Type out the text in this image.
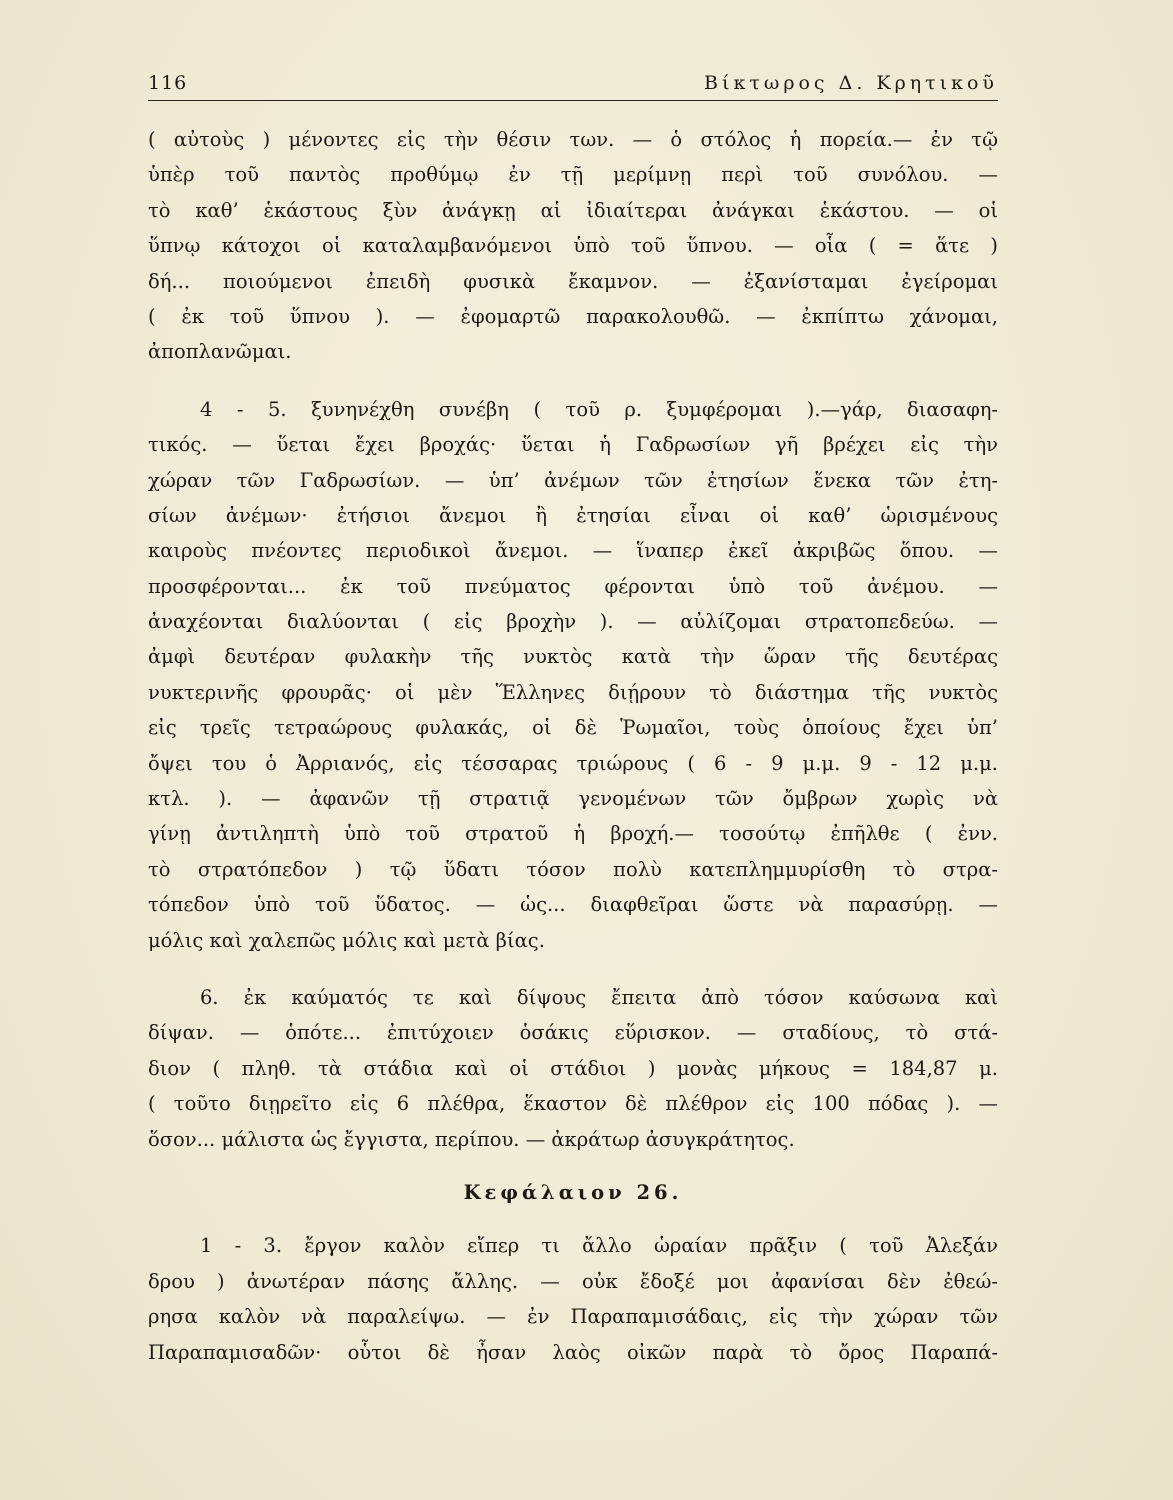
116	Βίκτωρος Δ. Κρητικοῦ
( αὐτοὺς ) μένοντες εἰς τὴν θέσιν των. — ὁ στόλος ἡ πορεία.— ἐν τῷ
ὑπὲρ τοῦ παντὸς προθύμῳ ἐν τῇ μερίμνῃ περὶ τοῦ συνόλου. —
τὸ καθ’ ἑκάστους ξὺν ἀνάγκῃ αἱ ἰδιαίτεραι ἀνάγκαι ἑκάστου. — οἱ
ὕπνῳ κάτοχοι οἱ καταλαμβανόμενοι ὑπὸ τοῦ ὕπνου. — οἷα ( = ἅτε )
δή... ποιούμενοι ἐπειδὴ φυσικὰ ἔκαμνον. — ἐξανίσταμαι ἐγείρομαι
( ἐκ τοῦ ὕπνου ). — ἐφομαρτῶ παρακολουθῶ. — ἐκπίπτω χάνομαι,
ἀποπλανῶμαι.
4 - 5. ξυνηνέχθη συνέβη ( τοῦ ρ. ξυμφέρομαι ).—γάρ, διασαφη-
τικός. — ὕεται ἔχει βροχάς· ὕεται ἡ Γαδρωσίων γῆ βρέχει εἰς τὴν
χώραν τῶν Γαδρωσίων. — ὑπ’ ἀνέμων τῶν ἐτησίων ἕνεκα τῶν ἐτη-
σίων ἀνέμων· ἐτήσιοι ἄνεμοι ἢ ἐτησίαι εἶναι οἱ καθ’ ὡρισμένους
καιροὺς πνέοντες περιοδικοὶ ἄνεμοι. — ἵναπερ ἐκεῖ ἀκριβῶς ὅπου. —
προσφέρονται... ἐκ τοῦ πνεύματος φέρονται ὑπὸ τοῦ ἀνέμου. —
ἀναχέονται διαλύονται ( εἰς βροχὴν ). — αὐλίζομαι στρατοπεδεύω. —
ἀμφὶ δευτέραν φυλακὴν τῆς νυκτὸς κατὰ τὴν ὥραν τῆς δευτέρας
νυκτερινῆς φρουρᾶς· οἱ μὲν Ἕλληνες διῄρουν τὸ διάστημα τῆς νυκτὸς
εἰς τρεῖς τετραώρους φυλακάς, οἱ δὲ Ῥωμαῖοι, τοὺς ὁποίους ἔχει ὑπ’
ὄψει του ὁ Ἀρριανός, εἰς τέσσαρας τριώρους ( 6 - 9 μ.μ. 9 - 12 μ.μ.
κτλ. ). — ἀφανῶν τῇ στρατιᾷ γενομένων τῶν ὄμβρων χωρὶς νὰ
γίνῃ ἀντιληπτὴ ὑπὸ τοῦ στρατοῦ ἡ βροχή.— τοσούτῳ ἐπῆλθε ( ἐνν.
τὸ στρατόπεδον ) τῷ ὕδατι τόσον πολὺ κατεπλημμυρίσθη τὸ στρα-
τόπεδον ὑπὸ τοῦ ὕδατος. — ὡς... διαφθεῖραι ὥστε νὰ παρασύρῃ. —
μόλις καὶ χαλεπῶς μόλις καὶ μετὰ βίας.
6. ἐκ καύματός τε καὶ δίψους ἔπειτα ἀπὸ τόσον καύσωνα καὶ
δίψαν. — ὁπότε... ἐπιτύχοιεν ὁσάκις εὕρισκον. — σταδίους, τὸ στά-
διον ( πληθ. τὰ στάδια καὶ οἱ στάδιοι ) μονὰς μήκους = 184,87 μ.
( τοῦτο διῃρεῖτο εἰς 6 πλέθρα, ἕκαστον δὲ πλέθρον εἰς 100 πόδας ). —
ὅσον... μάλιστα ὡς ἔγγιστα, περίπου. — ἀκράτωρ ἀσυγκράτητος.
Κεφάλαιον 26.
1 - 3. ἔργον καλὸν εἴπερ τι ἄλλο ὡραίαν πρᾶξιν ( τοῦ Ἀλεξάν
δρου ) ἀνωτέραν πάσης ἄλλης. — οὐκ ἔδοξέ μοι ἀφανίσαι δὲν ἐθεώ-
ρησα καλὸν νὰ παραλείψω. — ἐν Παραπαμισάδαις, εἰς τὴν χώραν τῶν
Παραπαμισαδῶν· οὗτοι δὲ ἦσαν λαὸς οἰκῶν παρὰ τὸ ὄρος Παραπά-
